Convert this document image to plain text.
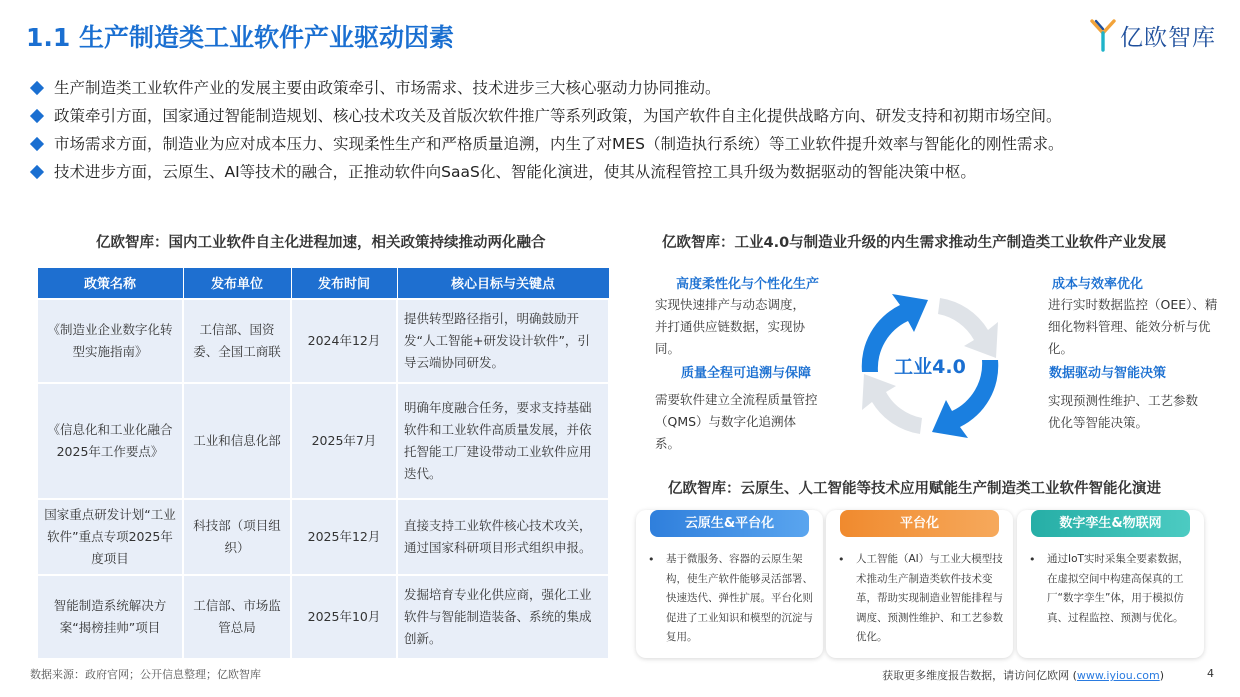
1.1 生产制造类工业软件产业驱动因素	亿欧智库
生产制造类工业软件产业的发展主要由政策牵引、市场需求、技术进步三大核心驱动力协同推动。
政策牵引方面，国家通过智能制造规划、核心技术攻关及首版次软件推广等系列政策，为国产软件自主化提供战略方向、研发支持和初期市场空间。
市场需求方面，制造业为应对成本压力、实现柔性生产和严格质量追溯，内生了对MES（制造执行系统）等工业软件提升效率与智能化的刚性需求。
技术进步方面，云原生、AI等技术的融合，正推动软件向SaaS化、智能化演进，使其从流程管控工具升级为数据驱动的智能决策中枢。
亿欧智库：国内工业软件自主化进程加速，相关政策持续推动两化融合
政策名称	发布单位	发布时间	核心目标与关键点
《制造业企业数字化转型实施指南》	工信部、国资委、全国工商联	2024年12月	提供转型路径指引，明确鼓励开发“人工智能+研发设计软件”，引导云端协同研发。
《信息化和工业化融合2025年工作要点》	工业和信息化部	2025年7月	明确年度融合任务，要求支持基础软件和工业软件高质量发展，并依托智能工厂建设带动工业软件应用迭代。
国家重点研发计划“工业软件”重点专项2025年度项目	科技部（项目组织）	2025年12月	直接支持工业软件核心技术攻关，通过国家科研项目形式组织申报。
智能制造系统解决方案“揭榜挂帅”项目	工信部、市场监管总局	2025年10月	发掘培育专业化供应商，强化工业软件与智能制造装备、系统的集成创新。
亿欧智库：工业4.0与制造业升级的内生需求推动生产制造类工业软件产业发展
工业4.0
高度柔性化与个性化生产
实现快速排产与动态调度，并打通供应链数据，实现协同。
成本与效率优化
进行实时数据监控（OEE）、精细化物料管理、能效分析与优化。
质量全程可追溯与保障
需要软件建立全流程质量管控（QMS）与数字化追溯体系。
数据驱动与智能决策
实现预测性维护、工艺参数优化等智能决策。
亿欧智库：云原生、人工智能等技术应用赋能生产制造类工业软件智能化演进
云原生&平台化
•	基于微服务、容器的云原生架构，使生产软件能够灵活部署、快速迭代、弹性扩展。平台化则促进了工业知识和模型的沉淀与复用。
平台化
•	人工智能（AI）与工业大模型技术推动生产制造类软件技术变革，帮助实现制造业智能排程与调度、预测性维护、和工艺参数优化。
数字孪生&物联网
•	通过IoT实时采集全要素数据，在虚拟空间中构建高保真的工厂“数字孪生”体，用于模拟仿真、过程监控、预测与优化。
数据来源：政府官网；公开信息整理；亿欧智库	获取更多维度报告数据，请访问亿欧网 (www.iyiou.com)	4
